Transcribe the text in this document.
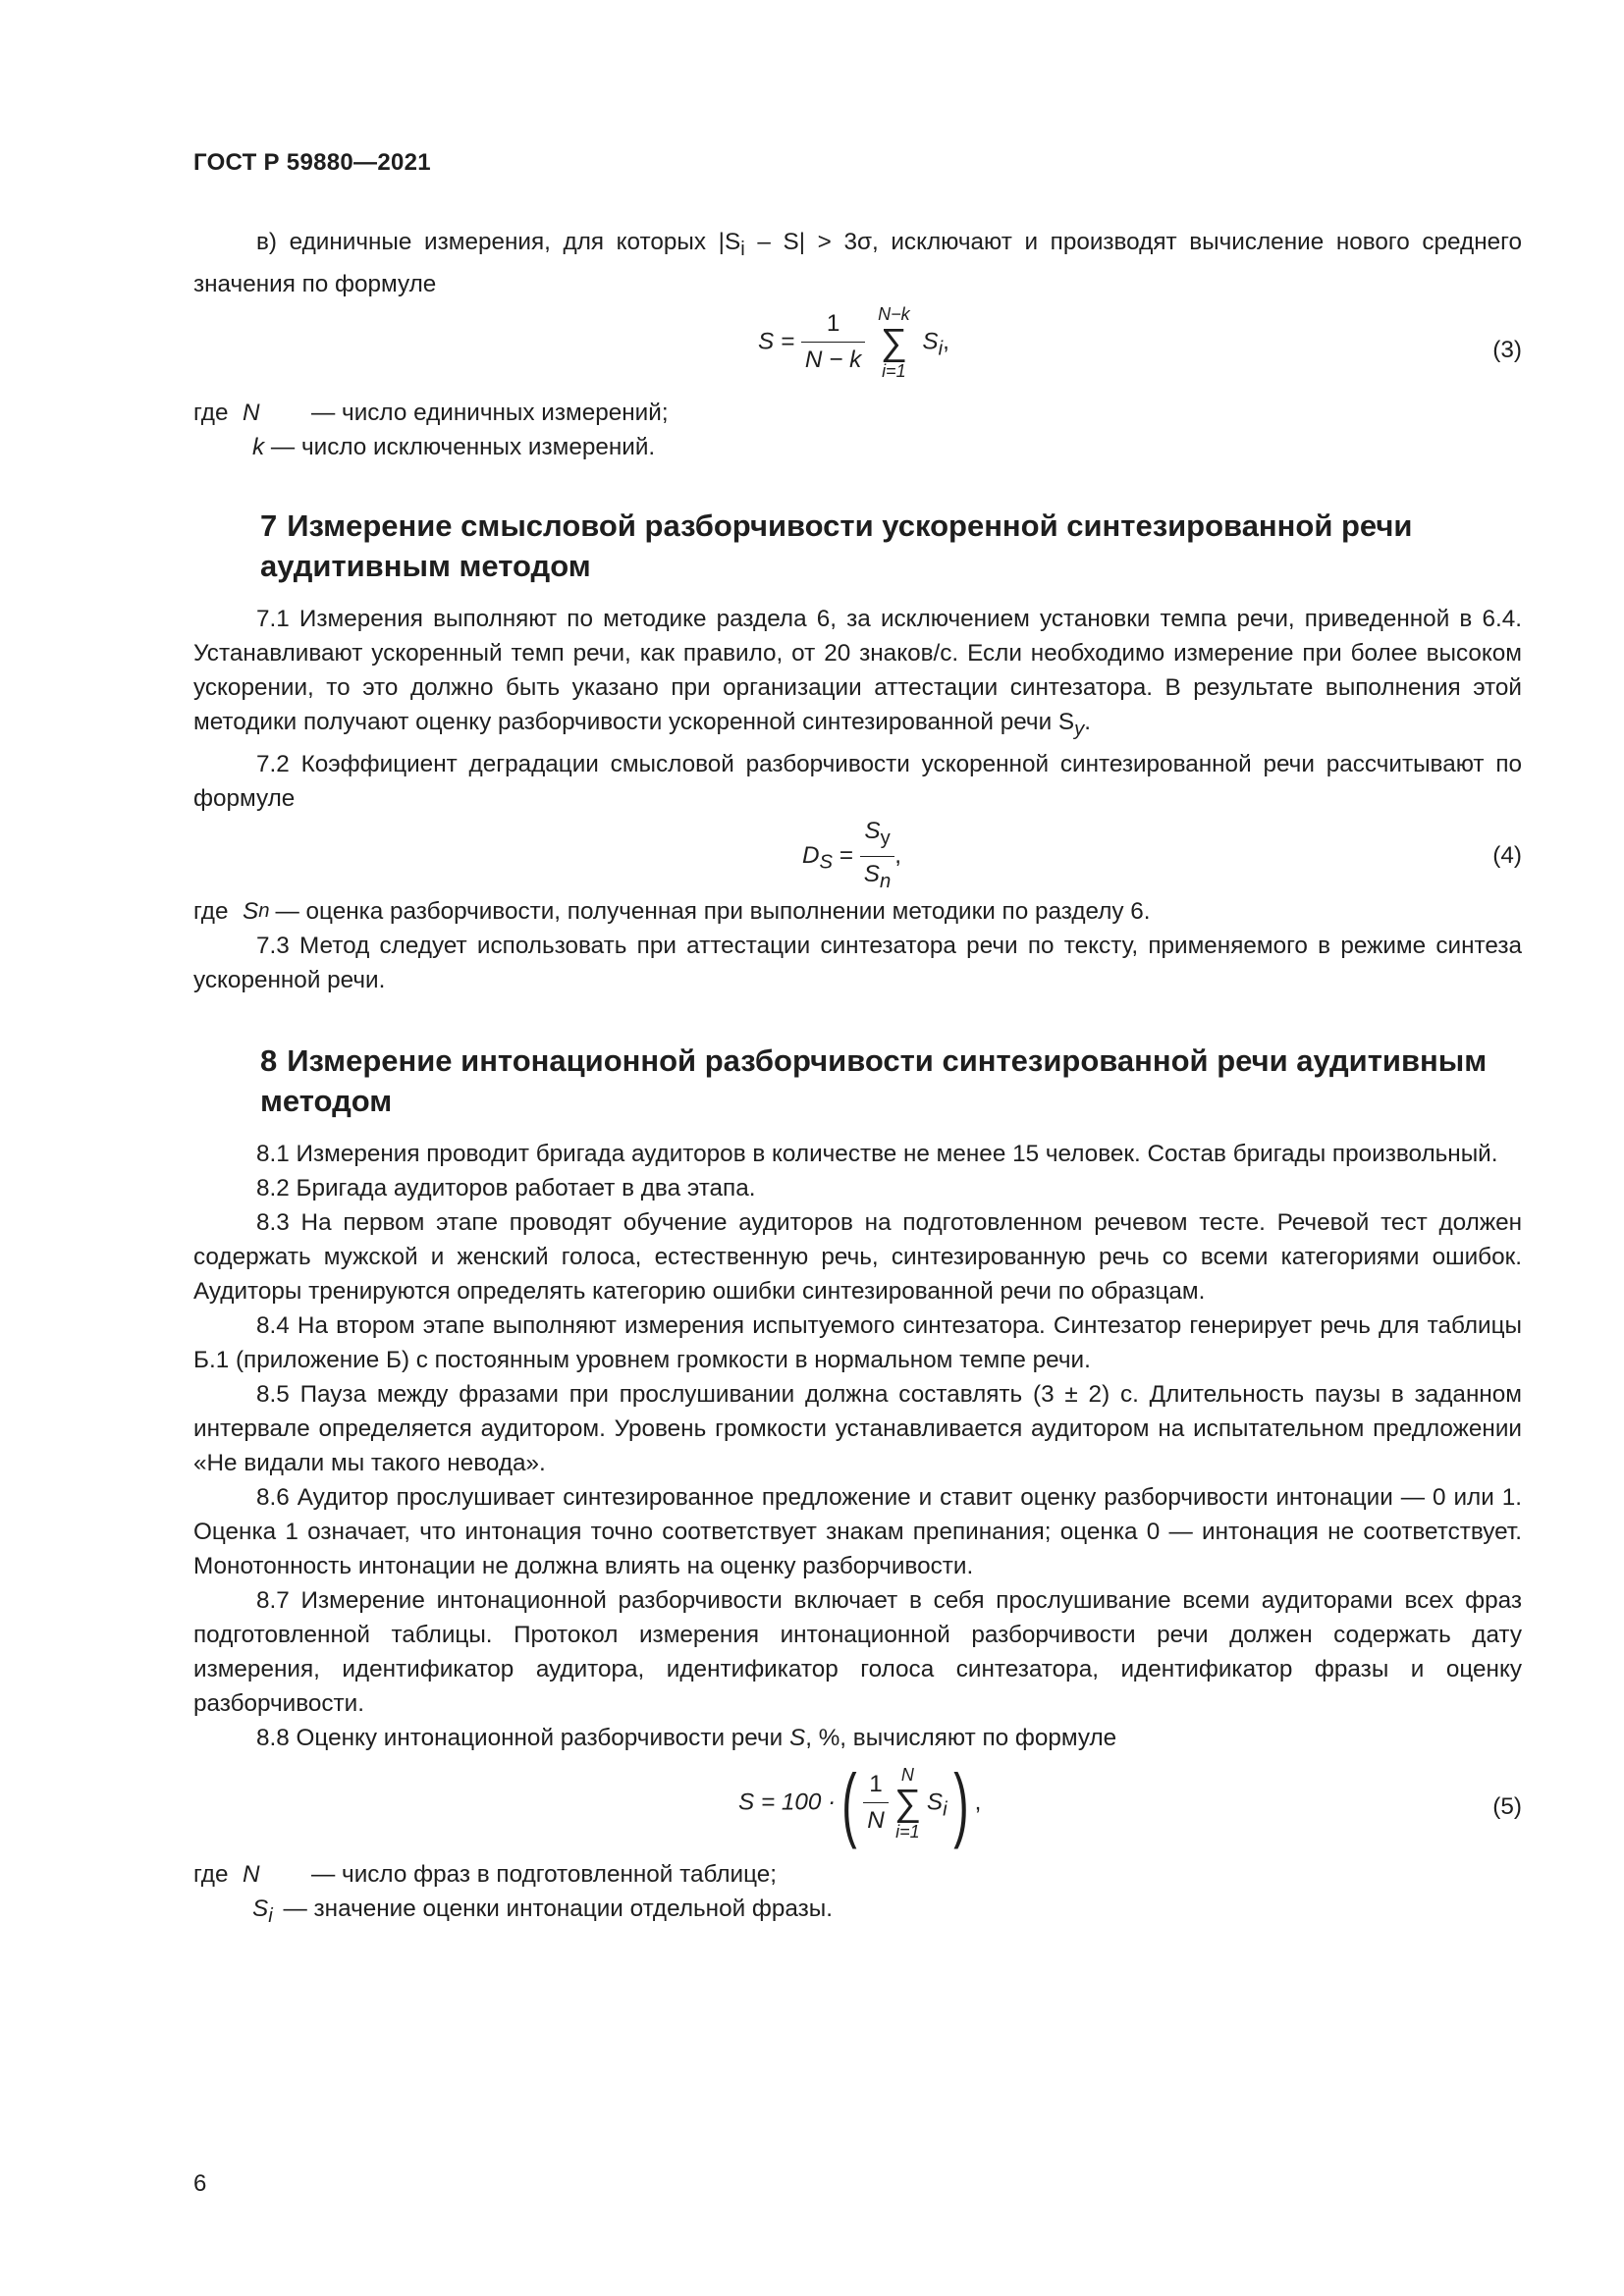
ГОСТ Р 59880—2021

в) единичные измерения, для которых $|S_i - S| > 3\sigma$, исключают и производят вычисление нового среднего значения по формуле

$S = \frac{1}{N - k}$
N−k
∑
i=1
$S_i$,	(3)
где N	— число единичных измерений;
k — число исключенных измерений.
7 Измерение смысловой разборчивости ускоренной синтезированной речи аудитивным методом

7.1 Измерения выполняют по методике раздела 6, за исключением установки темпа речи, приведенной в 6.4. Устанавливают ускоренный темп речи, как правило, от 20 знаков/с. Если необходимо измерение при более высоком ускорении, то это должно быть указано при организации аттестации синтезатора. В результате выполнения этой методики получают оценку разборчивости ускоренной синтезированной речи $S_у$.

7.2 Коэффициент деградации смысловой разборчивости ускоренной синтезированной речи рассчитывают по формуле

$D_S = \frac{S_у}{S_n}$ ,	(4)
где S n — оценка разборчивости, полученная при выполнении методики по разделу 6.

7.3 Метод следует использовать при аттестации синтезатора речи по тексту, применяемого в режиме синтеза ускоренной речи.

8 Измерение интонационной разборчивости синтезированной речи аудитивным методом

8.1 Измерения проводит бригада аудиторов в количестве не менее 15 человек. Состав бригады произвольный.

8.2 Бригада аудиторов работает в два этапа.

8.3 На первом этапе проводят обучение аудиторов на подготовленном речевом тесте. Речевой тест должен содержать мужской и женский голоса, естественную речь, синтезированную речь со всеми категориями ошибок. Аудиторы тренируются определять категорию ошибки синтезированной речи по образцам.

8.4 На втором этапе выполняют измерения испытуемого синтезатора. Синтезатор генерирует речь для таблицы Б.1 (приложение Б) с постоянным уровнем громкости в нормальном темпе речи.

8.5 Пауза между фразами при прослушивании должна составлять (3 ± 2) с. Длительность паузы в заданном интервале определяется аудитором. Уровень громкости устанавливается аудитором на испытательном предложении «Не видали мы такого невода».

8.6 Аудитор прослушивает синтезированное предложение и ставит оценку разборчивости интонации — 0 или 1. Оценка 1 означает, что интонация точно соответствует знакам препинания; оценка 0 — интонация не соответствует. Монотонность интонации не должна влиять на оценку разборчивости.

8.7 Измерение интонационной разборчивости включает в себя прослушивание всеми аудиторами всех фраз подготовленной таблицы. Протокол измерения интонационной разборчивости речи должен содержать дату измерения, идентификатор аудитора, идентификатор голоса синтезатора, идентификатор фразы и оценку разборчивости.

8.8 Оценку интонационной разборчивости речи S, %, вычисляют по формуле

S = 100 ·( $\frac{1}{N}$ N
∑
i=1
$S_i$) ,	(5)
где N	— число фраз в подготовленной таблице;
$S_i$ — значение оценки интонации отдельной фразы.
6
